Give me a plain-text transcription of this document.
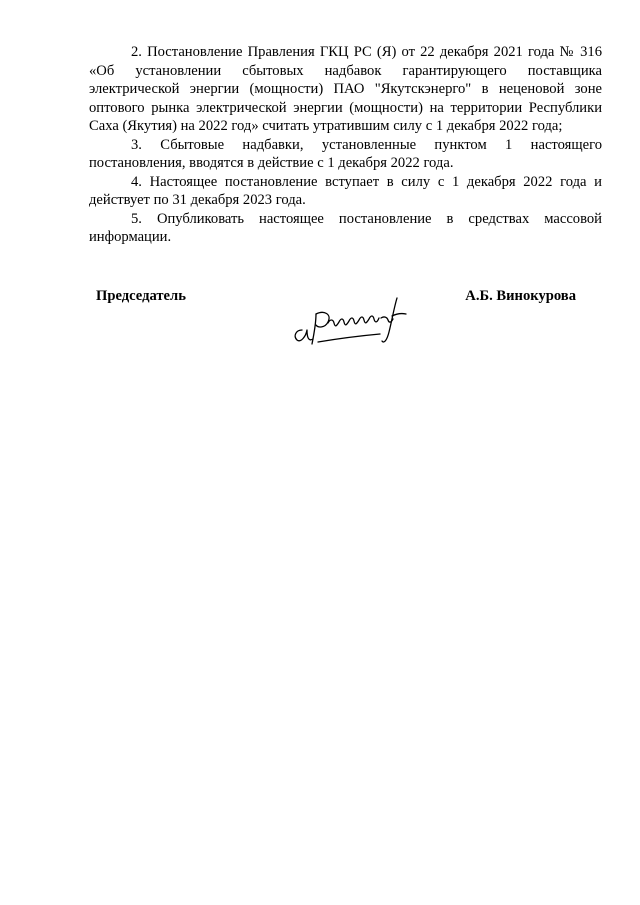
2. Постановление Правления ГКЦ РС (Я) от 22 декабря 2021 года № 316 «Об установлении сбытовых надбавок гарантирующего поставщика электрической энергии (мощности) ПАО "Якутскэнерго" в неценовой зоне оптового рынка электрической энергии (мощности) на территории Республики Саха (Якутия) на 2022 год» считать утратившим силу с 1 декабря 2022 года;

3. Сбытовые надбавки, установленные пунктом 1 настоящего постановления, вводятся в действие с 1 декабря 2022 года.

4. Настоящее постановление вступает в силу с 1 декабря 2022 года и действует по 31 декабря 2023 года.

5. Опубликовать настоящее постановление в средствах массовой информации.

Председатель	А.Б. Винокурова
